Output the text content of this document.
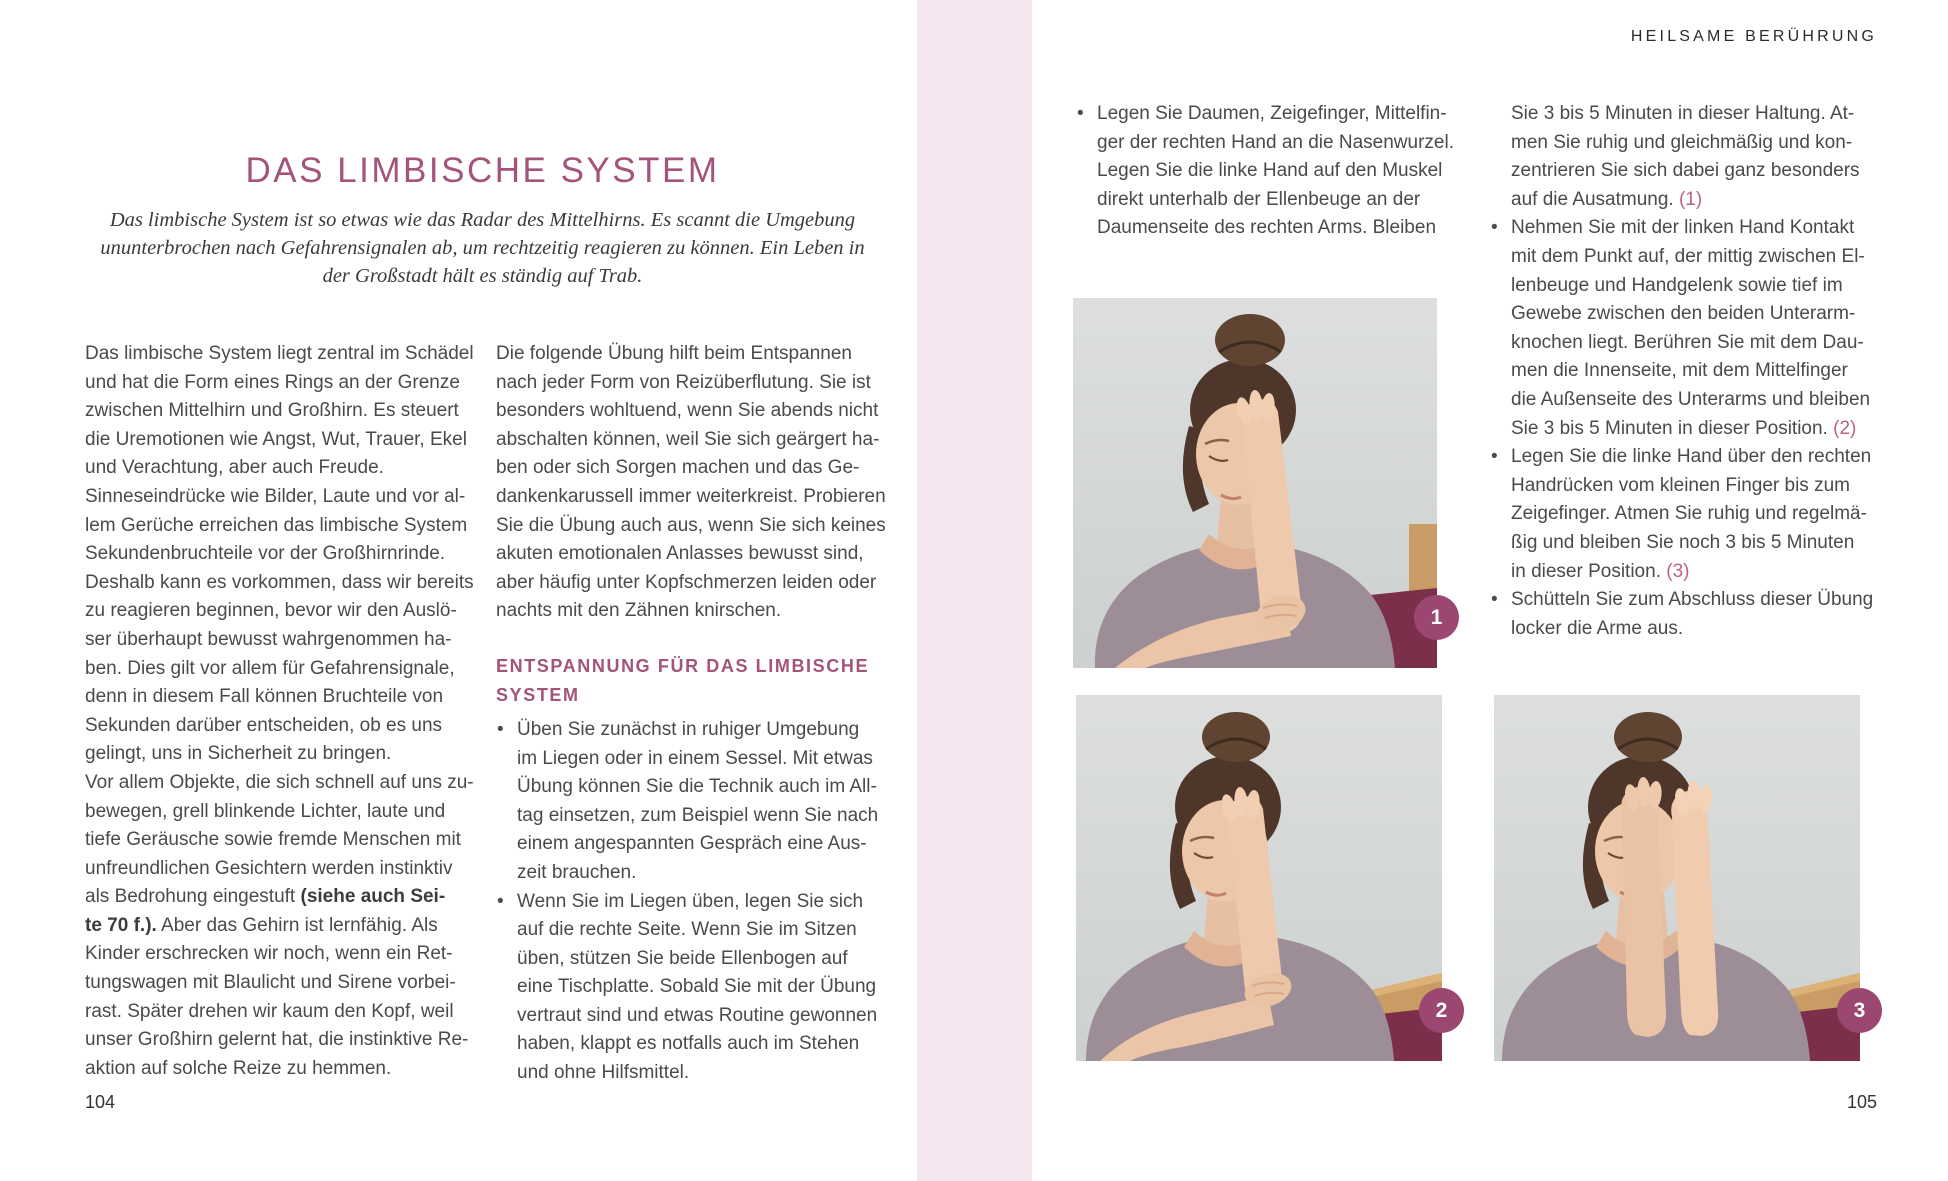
DAS LIMBISCHE SYSTEM
Das limbische System ist so etwas wie das Radar des Mittelhirns. Es scannt die Umgebung
ununterbrochen nach Gefahrensignalen ab, um rechtzeitig reagieren zu können. Ein Leben in
der Großstadt hält es ständig auf Trab.
Das limbische System liegt zentral im Schädel
und hat die Form eines Rings an der Grenze
zwischen Mittelhirn und Großhirn. Es steuert
die Uremotionen wie Angst, Wut, Trauer, Ekel
und Verachtung, aber auch Freude.
Sinneseindrücke wie Bilder, Laute und vor al-
lem Gerüche erreichen das limbische System
Sekundenbruchteile vor der Großhirnrinde.
Deshalb kann es vorkommen, dass wir bereits
zu reagieren beginnen, bevor wir den Auslö-
ser überhaupt bewusst wahrgenommen ha-
ben. Dies gilt vor allem für Gefahrensignale,
denn in diesem Fall können Bruchteile von
Sekunden darüber entscheiden, ob es uns
gelingt, uns in Sicherheit zu bringen.
Vor allem Objekte, die sich schnell auf uns zu-
bewegen, grell blinkende Lichter, laute und
tiefe Geräusche sowie fremde Menschen mit
unfreundlichen Gesichtern werden instinktiv
als Bedrohung eingestuft (siehe auch Sei-
te 70 f.). Aber das Gehirn ist lernfähig. Als
Kinder erschrecken wir noch, wenn ein Ret-
tungswagen mit Blaulicht und Sirene vorbei-
rast. Später drehen wir kaum den Kopf, weil
unser Großhirn gelernt hat, die instinktive Re-
aktion auf solche Reize zu hemmen.
Die folgende Übung hilft beim Entspannen
nach jeder Form von Reizüberflutung. Sie ist
besonders wohltuend, wenn Sie abends nicht
abschalten können, weil Sie sich geärgert ha-
ben oder sich Sorgen machen und das Ge-
dankenkarussell immer weiterkreist. Probieren
Sie die Übung auch aus, wenn Sie sich keines
akuten emotionalen Anlasses bewusst sind,
aber häufig unter Kopfschmerzen leiden oder
nachts mit den Zähnen knirschen.
ENTSPANNUNG FÜR DAS LIMBISCHE
SYSTEM
• Üben Sie zunächst in ruhiger Umgebung
im Liegen oder in einem Sessel. Mit etwas
Übung können Sie die Technik auch im All-
tag einsetzen, zum Beispiel wenn Sie nach
einem angespannten Gespräch eine Aus-
zeit brauchen.
• Wenn Sie im Liegen üben, legen Sie sich
auf die rechte Seite. Wenn Sie im Sitzen
üben, stützen Sie beide Ellenbogen auf
eine Tischplatte. Sobald Sie mit der Übung
vertraut sind und etwas Routine gewonnen
haben, klappt es notfalls auch im Stehen
und ohne Hilfsmittel.
104
HEILSAME BERÜHRUNG
• Legen Sie Daumen, Zeigefinger, Mittelfin-
ger der rechten Hand an die Nasenwurzel.
Legen Sie die linke Hand auf den Muskel
direkt unterhalb der Ellenbeuge an der
Daumenseite des rechten Arms. Bleiben
Sie 3 bis 5 Minuten in dieser Haltung. At-
men Sie ruhig und gleichmäßig und kon-
zentrieren Sie sich dabei ganz besonders
auf die Ausatmung. (1)
• Nehmen Sie mit der linken Hand Kontakt
mit dem Punkt auf, der mittig zwischen El-
lenbeuge und Handgelenk sowie tief im
Gewebe zwischen den beiden Unterarm-
knochen liegt. Berühren Sie mit dem Dau-
men die Innenseite, mit dem Mittelfinger
die Außenseite des Unterarms und bleiben
Sie 3 bis 5 Minuten in dieser Position. (2)
• Legen Sie die linke Hand über den rechten
Handrücken vom kleinen Finger bis zum
Zeigefinger. Atmen Sie ruhig und regelmä-
ßig und bleiben Sie noch 3 bis 5 Minuten
in dieser Position. (3)
• Schütteln Sie zum Abschluss dieser Übung
locker die Arme aus.
1
2	3
105
